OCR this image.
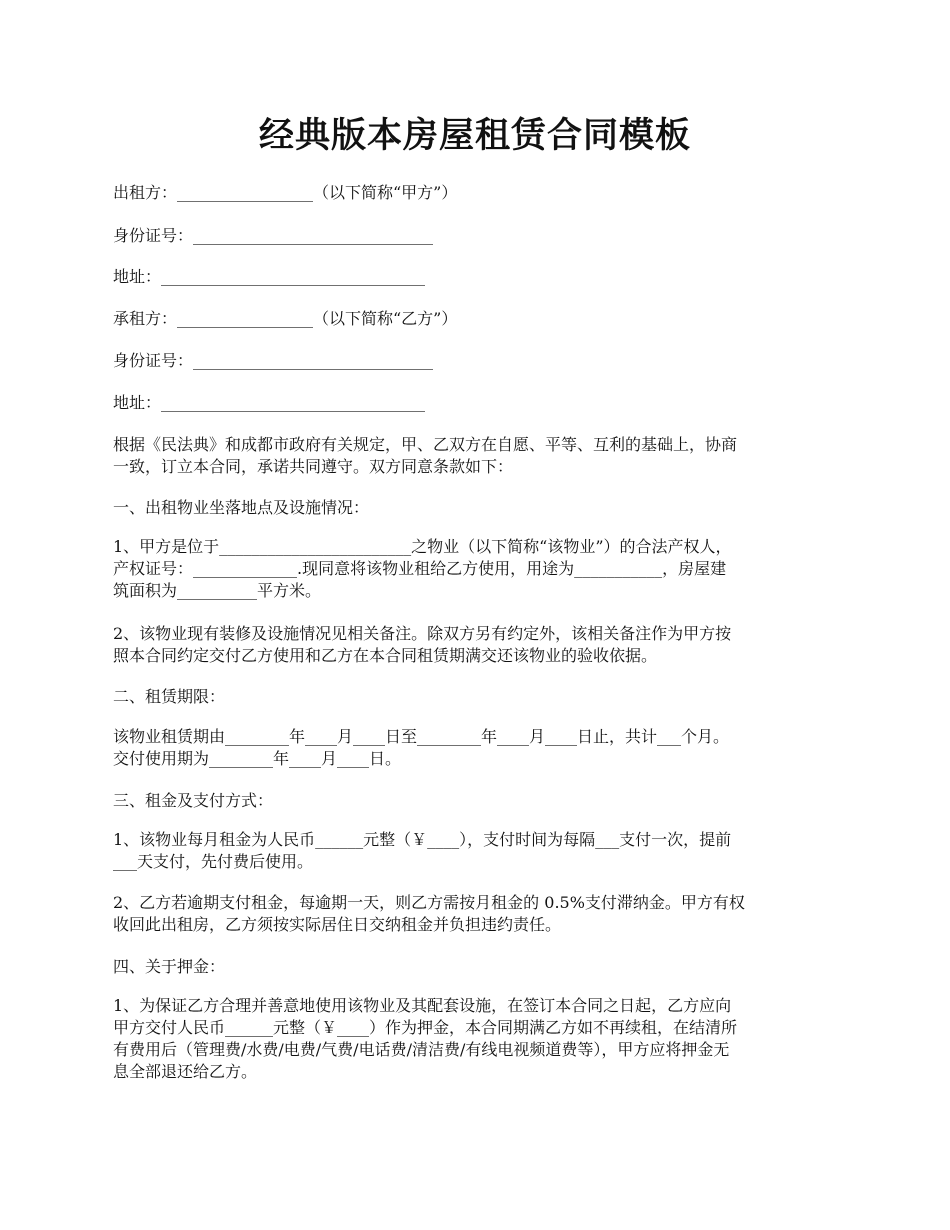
经典版本房屋租赁合同模板

出租方：_________________（以下简称“甲方”）

身份证号：______________________________

地址：_________________________________

承租方：_________________（以下简称“乙方”）

身份证号：______________________________

地址：_________________________________

根据《民法典》和成都市政府有关规定，甲、乙双方在自愿、平等、互利的基础上，协商
一致，订立本合同，承诺共同遵守。双方同意条款如下：

一、出租物业坐落地点及设施情况：

1、甲方是位于________________________之物业（以下简称“该物业”）的合法产权人，
产权证号：_____________.现同意将该物业租给乙方使用，用途为___________，房屋建
筑面积为__________平方米。
2、该物业现有装修及设施情况见相关备注。除双方另有约定外，该相关备注作为甲方按
照本合同约定交付乙方使用和乙方在本合同租赁期满交还该物业的验收依据。

二、租赁期限：

该物业租赁期由________年____月____日至________年____月____日止，共计___个月。
交付使用期为________年____月____日。

三、租金及支付方式：

1、该物业每月租金为人民币______元整（￥____），支付时间为每隔___支付一次，提前
___天支付，先付费后使用。
2、乙方若逾期支付租金，每逾期一天，则乙方需按月租金的 0.5%支付滞纳金。甲方有权
收回此出租房，乙方须按实际居住日交纳租金并负担违约责任。

四、关于押金：

1、为保证乙方合理并善意地使用该物业及其配套设施，在签订本合同之日起，乙方应向
甲方交付人民币______元整（￥____）作为押金，本合同期满乙方如不再续租，在结清所
有费用后（管理费/水费/电费/气费/电话费/清洁费/有线电视频道费等），甲方应将押金无
息全部退还给乙方。
